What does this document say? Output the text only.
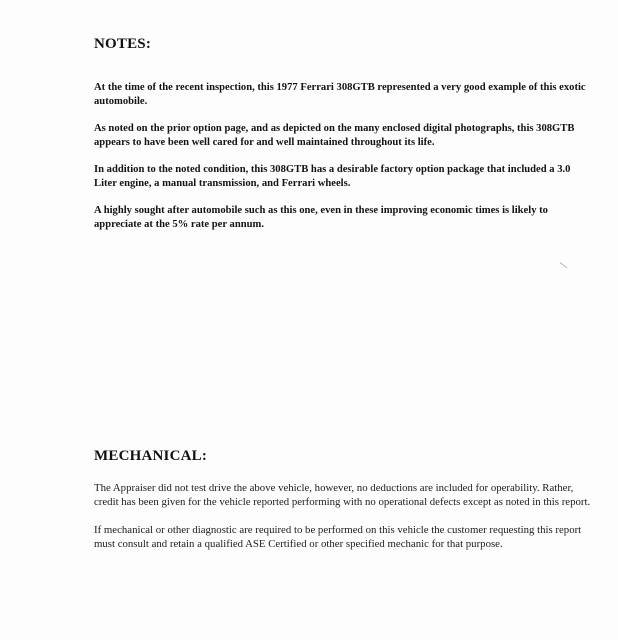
NOTES:

At the time of the recent inspection, this 1977 Ferrari 308GTB represented a very good example of this exotic automobile.

As noted on the prior option page, and as depicted on the many enclosed digital photographs, this 308GTB appears to have been well cared for and well maintained throughout its life.

In addition to the noted condition, this 308GTB has a desirable factory option package that included a 3.0 Liter engine, a manual transmission, and Ferrari wheels.

A highly sought after automobile such as this one, even in these improving economic times is likely to appreciate at the 5% rate per annum.

MECHANICAL:

The Appraiser did not test drive the above vehicle, however, no deductions are included for operability. Rather, credit has been given for the vehicle reported performing with no operational defects except as noted in this report.

If mechanical or other diagnostic are required to be performed on this vehicle the customer requesting this report must consult and retain a qualified ASE Certified or other specified mechanic for that purpose.
